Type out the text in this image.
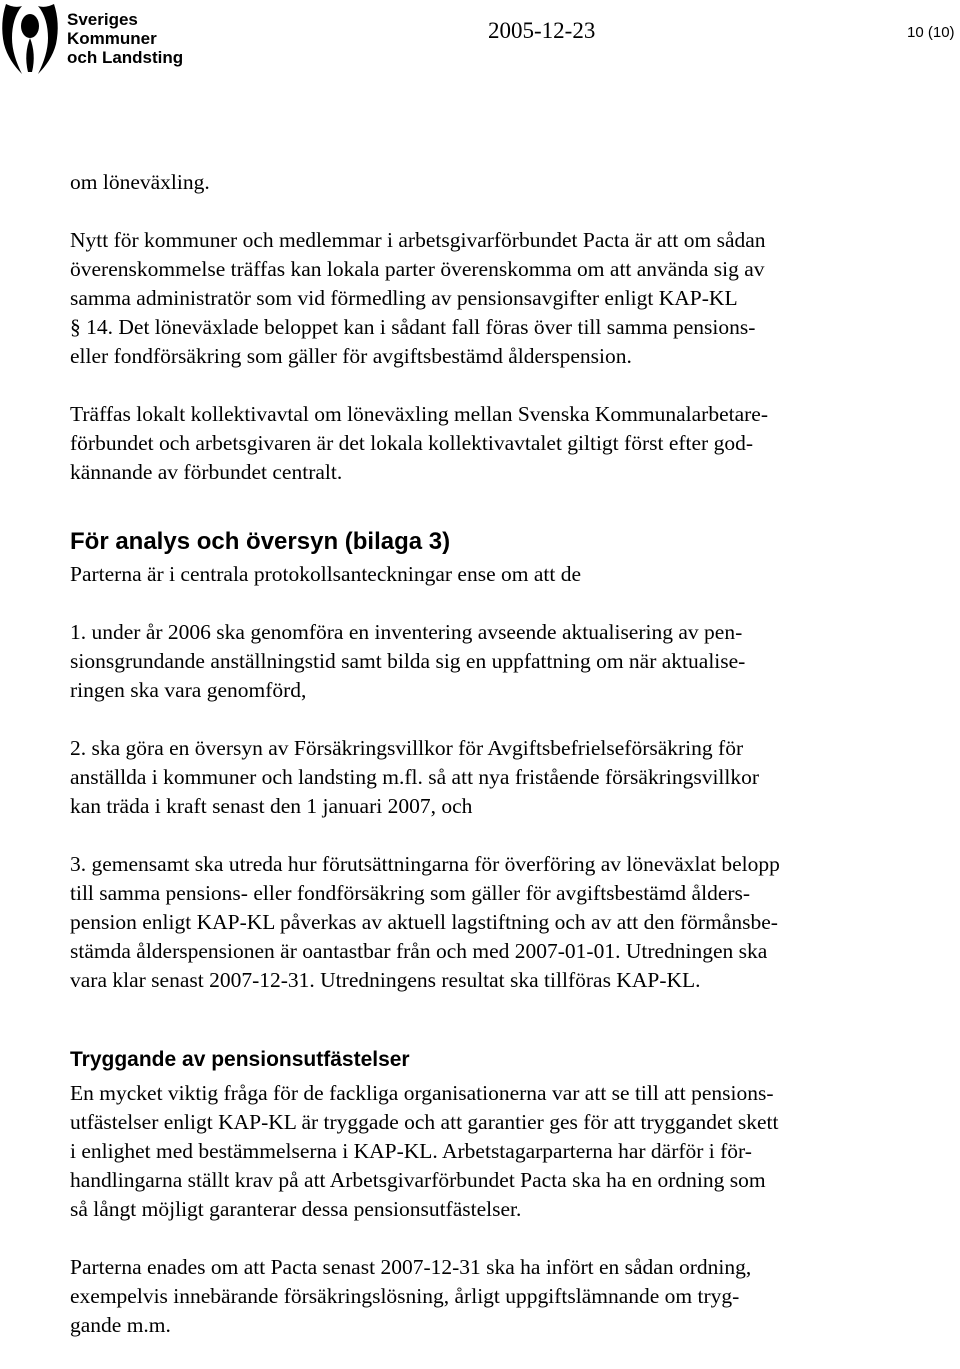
Sveriges
Kommuner
och Landsting
2005-12-23	10 (10)

om löneväxling.

Nytt för kommuner och medlemmar i arbetsgivarförbundet Pacta är att om sådan

överenskommelse träffas kan lokala parter överenskomma om att använda sig av

samma administratör som vid förmedling av pensionsavgifter enligt KAP-KL

§ 14. Det löneväxlade beloppet kan i sådant fall föras över till samma pensions-

eller fondförsäkring som gäller för avgiftsbestämd ålderspension.

Träffas lokalt kollektivavtal om löneväxling mellan Svenska Kommunalarbetare-

förbundet och arbetsgivaren är det lokala kollektivavtalet giltigt först efter god-

kännande av förbundet centralt.

För analys och översyn (bilaga 3)

Parterna är i centrala protokollsanteckningar ense om att de

1. under år 2006 ska genomföra en inventering avseende aktualisering av pen-

sionsgrundande anställningstid samt bilda sig en uppfattning om när aktualise-

ringen ska vara genomförd,

2. ska göra en översyn av Försäkringsvillkor för Avgiftsbefrielseförsäkring för

anställda i kommuner och landsting m.fl. så att nya fristående försäkringsvillkor

kan träda i kraft senast den 1 januari 2007, och

3. gemensamt ska utreda hur förutsättningarna för överföring av löneväxlat belopp

till samma pensions- eller fondförsäkring som gäller för avgiftsbestämd ålders-

pension enligt KAP-KL påverkas av aktuell lagstiftning och av att den förmånsbe-

stämda ålderspensionen är oantastbar från och med 2007-01-01. Utredningen ska

vara klar senast 2007-12-31. Utredningens resultat ska tillföras KAP-KL.

Tryggande av pensionsutfästelser

En mycket viktig fråga för de fackliga organisationerna var att se till att pensions-

utfästelser enligt KAP-KL är tryggade och att garantier ges för att tryggandet skett

i enlighet med bestämmelserna i KAP-KL. Arbetstagarparterna har därför i för-

handlingarna ställt krav på att Arbetsgivarförbundet Pacta ska ha en ordning som

så långt möjligt garanterar dessa pensionsutfästelser.

Parterna enades om att Pacta senast 2007-12-31 ska ha infört en sådan ordning,

exempelvis innebärande försäkringslösning, årligt uppgiftslämnande om tryg-

gande m.m.
